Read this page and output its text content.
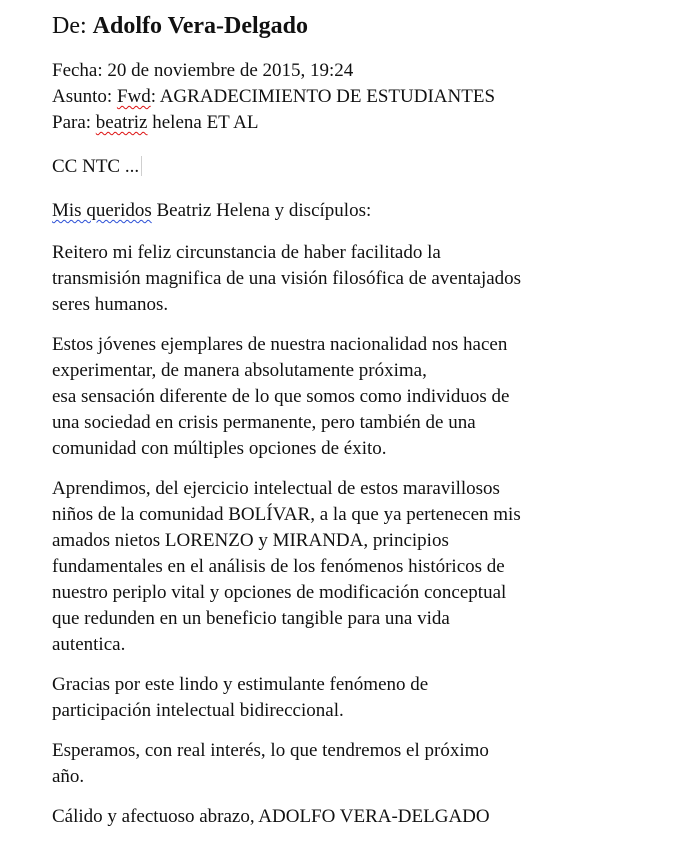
De: Adolfo Vera-Delgado

Fecha: 20 de noviembre de 2015, 19:24

Asunto: Fwd: AGRADECIMIENTO DE ESTUDIANTES

Para: beatriz helena ET AL

CC NTC ...

Mis queridos Beatriz Helena y discípulos:

Reitero mi feliz circunstancia de haber facilitado la
transmisión magnifica de una visión filosófica de aventajados
seres humanos.

Estos jóvenes ejemplares de nuestra nacionalidad nos hacen
experimentar, de manera absolutamente próxima,
esa sensación diferente de lo que somos como individuos de
una sociedad en crisis permanente, pero también de una
comunidad con múltiples opciones de éxito.

Aprendimos, del ejercicio intelectual de estos maravillosos
niños de la comunidad BOLÍVAR, a la que ya pertenecen mis
amados nietos LORENZO y MIRANDA, principios
fundamentales en el análisis de los fenómenos históricos de
nuestro periplo vital y opciones de modificación conceptual
que redunden en un beneficio tangible para una vida
autentica.

Gracias por este lindo y estimulante fenómeno de
participación intelectual bidireccional.

Esperamos, con real interés, lo que tendremos el próximo
año.

Cálido y afectuoso abrazo, ADOLFO VERA-DELGADO
